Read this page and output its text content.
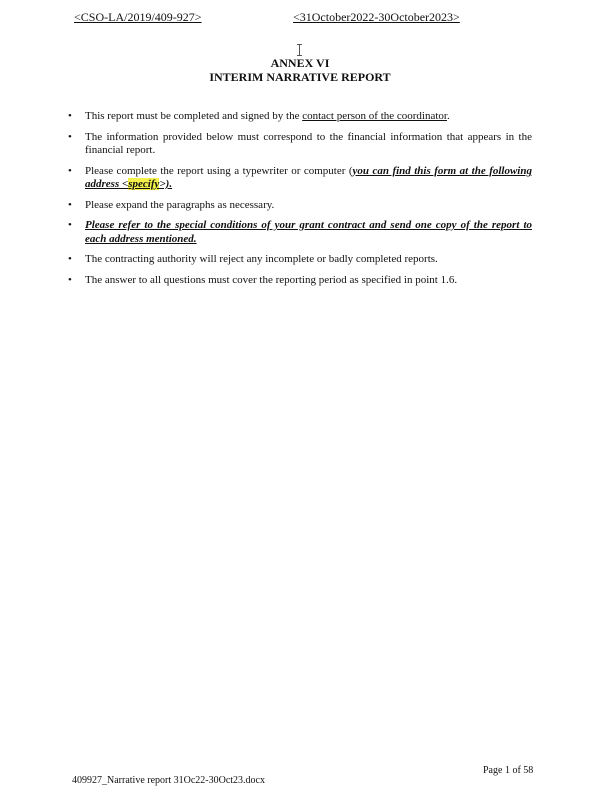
<CSO-LA/2019/409-927>	<31October2022-30October2023>
ANNEX VI
INTERIM NARRATIVE REPORT
• This report must be completed and signed by the contact person of the coordinator.
• The information provided below must correspond to the financial information that appears in the financial report.
• Please complete the report using a typewriter or computer (you can find this form at the following address <specify>).
• Please expand the paragraphs as necessary.
• Please refer to the special conditions of your grant contract and send one copy of the report to each address mentioned.
• The contracting authority will reject any incomplete or badly completed reports.
• The answer to all questions must cover the reporting period as specified in point 1.6.
Page 1 of 58
409927_Narrative report 31Oc22-30Oct23.docx
